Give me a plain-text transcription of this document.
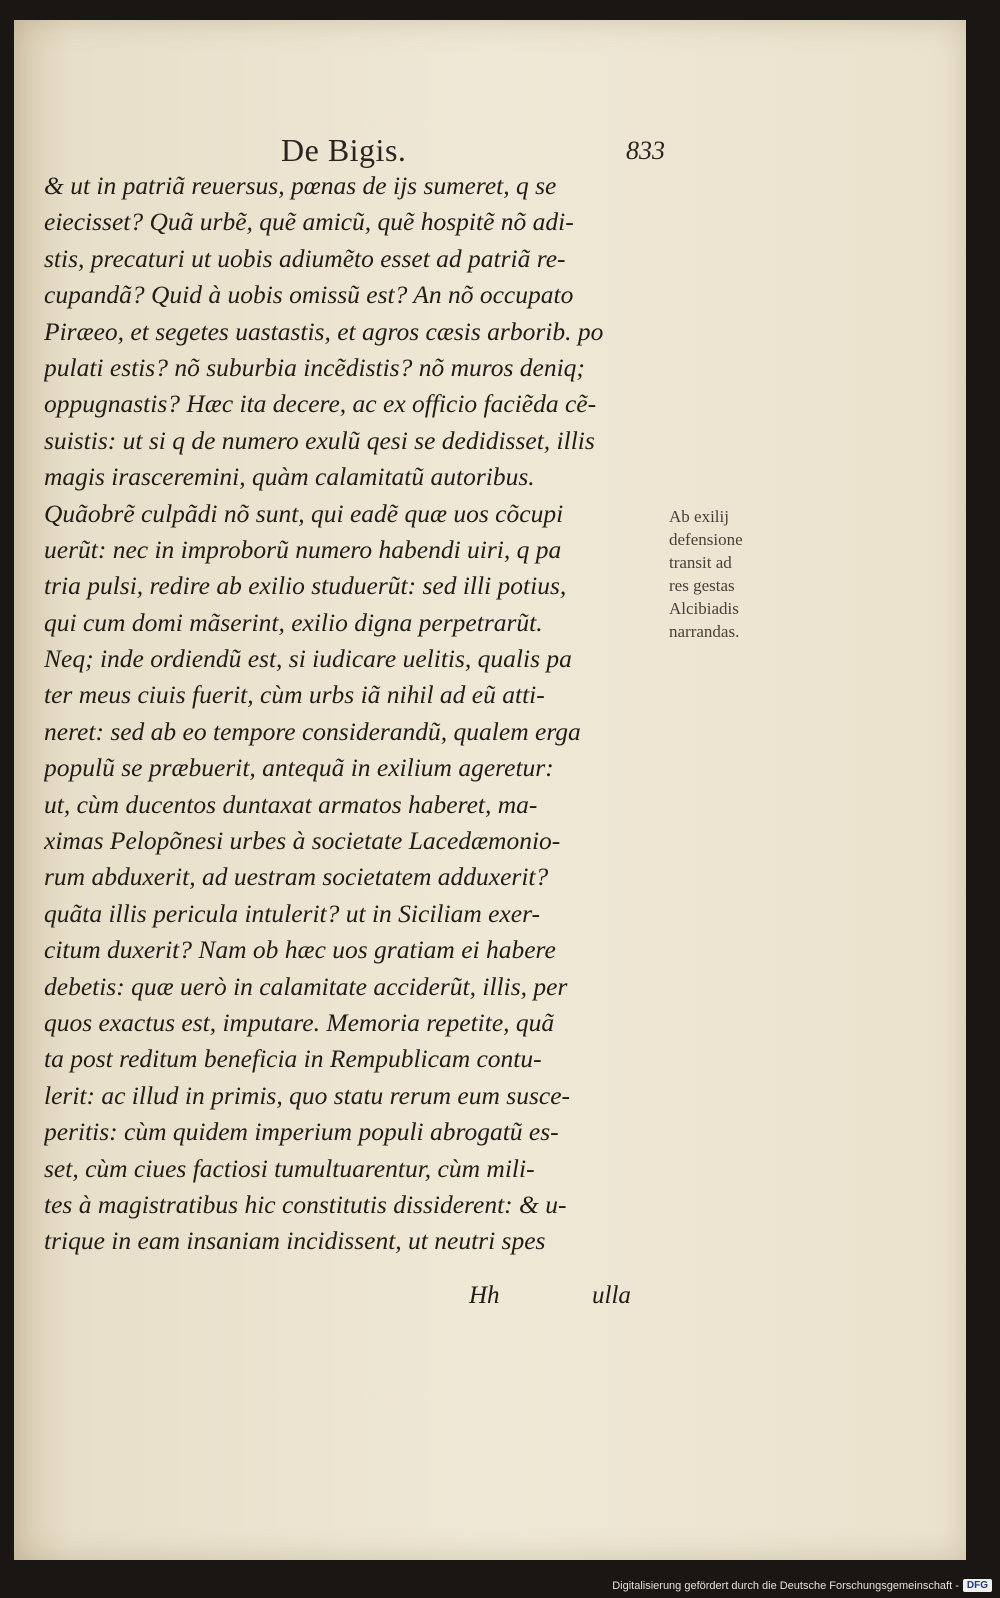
De Bigis.	833
& ut in patriã reuersus, pœnas de ijs sumeret, q se
eiecisset? Quã urbẽ, quẽ amicũ, quẽ hospitẽ nõ adi-
stis, precaturi ut uobis adiumẽto esset ad patriã re-
cupandã? Quid à uobis omissũ est? An nõ occupato
Piræeo, et segetes uastastis, et agros cæsis arborib. po
pulati estis? nõ suburbia incẽdistis? nõ muros deniq;
oppugnastis? Hæc ita decere, ac ex officio faciẽda cẽ-
suistis: ut si q de numero exulũ qesi se dedidisset, illis
magis irasceremini, quàm calamitatũ autoribus.
Quãobrẽ culpãdi nõ sunt, qui eadẽ quæ uos cõcupi
uerũt: nec in improborũ numero habendi uiri, q pa
tria pulsi, redire ab exilio studuerũt: sed illi potius,
qui cum domi mãserint, exilio digna perpetrarũt.
Neq; inde ordiendũ est, si iudicare uelitis, qualis pa
ter meus ciuis fuerit, cùm urbs iã nihil ad eũ atti-
neret: sed ab eo tempore considerandũ, qualem erga
populũ se præbuerit, antequã in exilium ageretur:
ut, cùm ducentos duntaxat armatos haberet, ma-
ximas Pelopõnesi urbes à societate Lacedæmonio-
rum abduxerit, ad uestram societatem adduxerit?
quãta illis pericula intulerit? ut in Siciliam exer-
citum duxerit? Nam ob hæc uos gratiam ei habere
debetis: quæ uerò in calamitate acciderũt, illis, per
quos exactus est, imputare. Memoria repetite, quã
ta post reditum beneficia in Rempublicam contu-
lerit: ac illud in primis, quo statu rerum eum susce-
peritis: cùm quidem imperium populi abrogatũ es-
set, cùm ciues factiosi tumultuarentur, cùm mili-
tes à magistratibus hic constitutis dissiderent: & u-
trique in eam insaniam incidissent, ut neutri spes
Ab exilij
defensione
transit ad
res gestas
Alcibiadis
narrandas.
Hh	ulla
Digitalisierung gefördert durch die Deutsche Forschungsgemeinschaft - DFG
